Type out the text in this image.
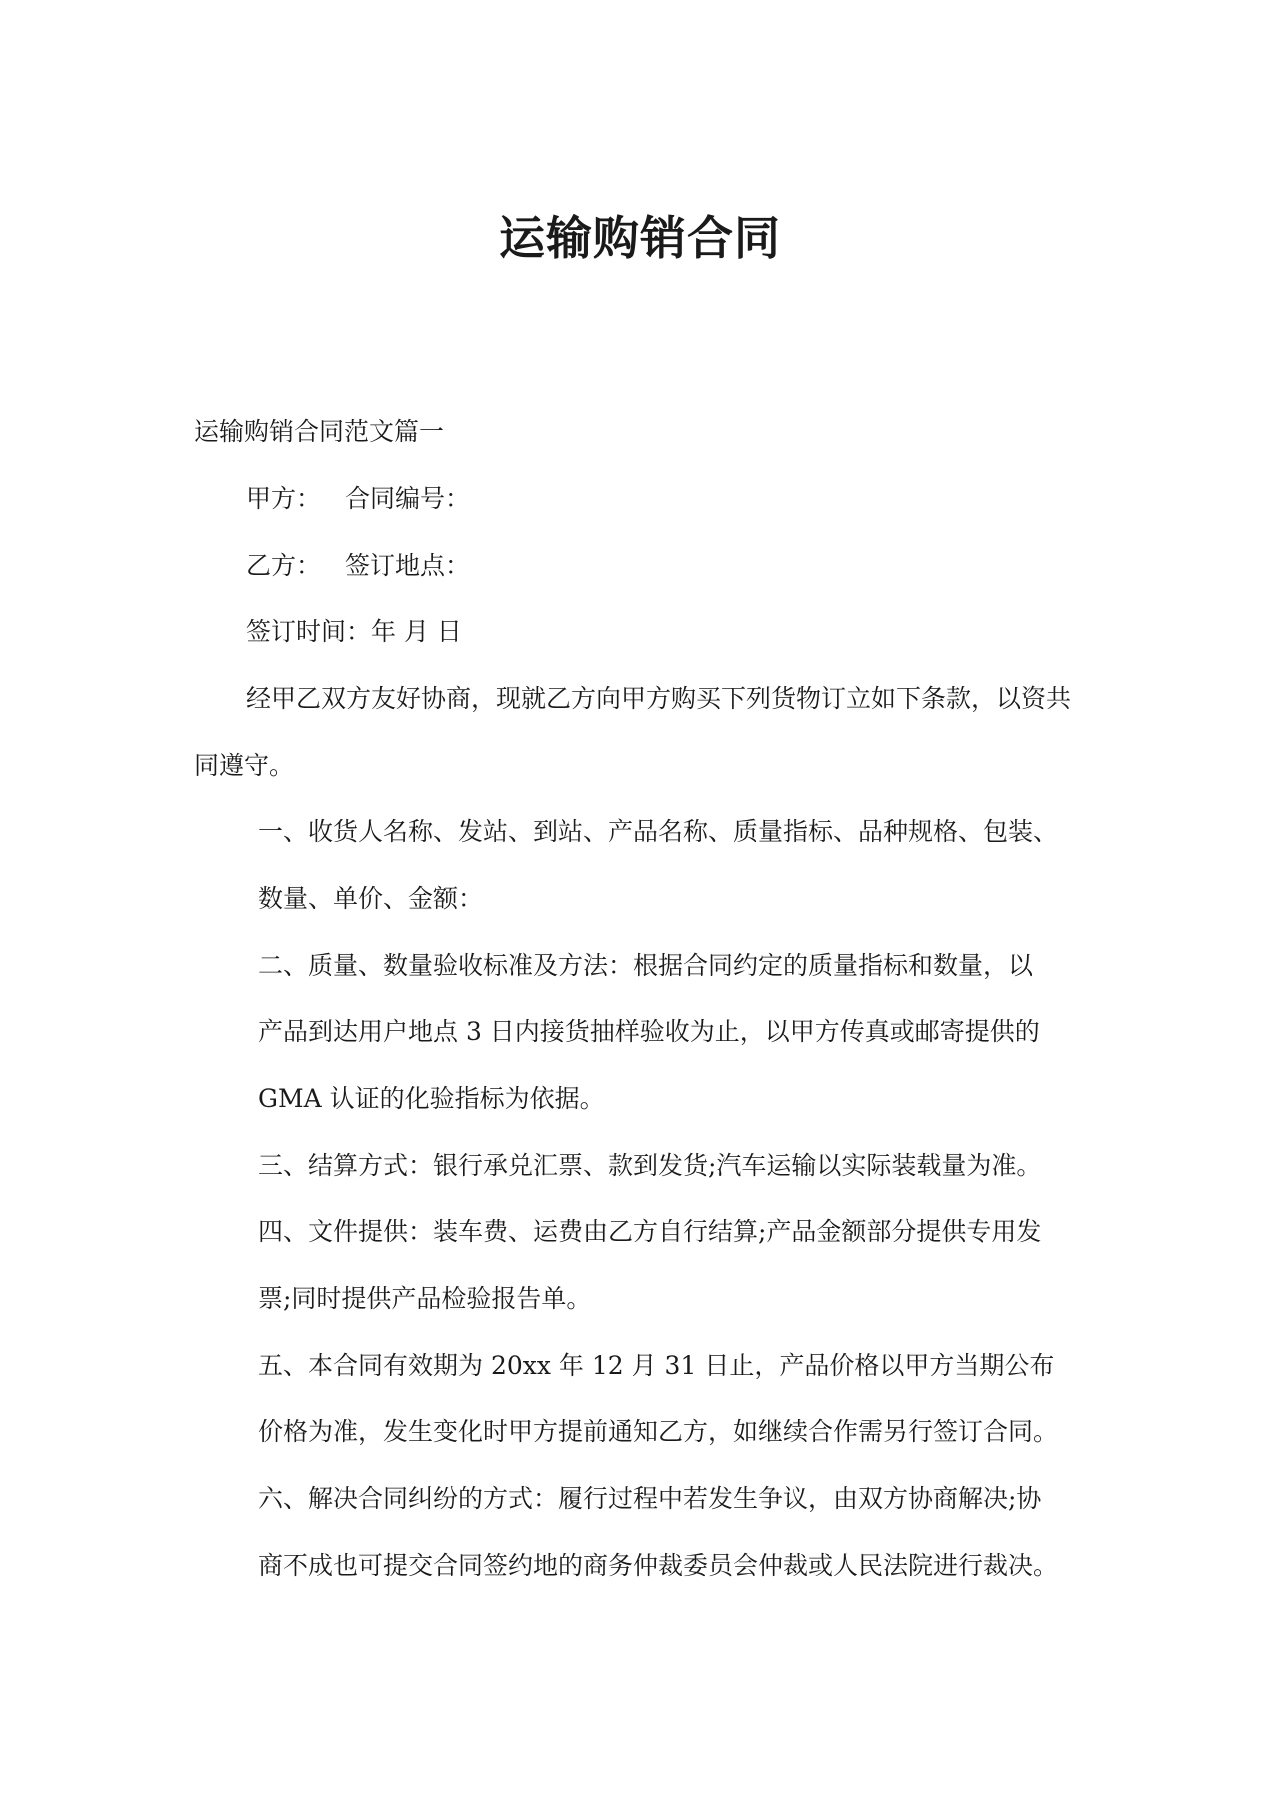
运输购销合同
运输购销合同范文篇一
甲方： 合同编号：
乙方： 签订地点：
签订时间：年 月 日
经甲乙双方友好协商，现就乙方向甲方购买下列货物订立如下条款，以资共
同遵守。
一、收货人名称、发站、到站、产品名称、质量指标、品种规格、包装、
数量、单价、金额：
二、质量、数量验收标准及方法：根据合同约定的质量指标和数量，以
产品到达用户地点 3 日内接货抽样验收为止，以甲方传真或邮寄提供的
GMA 认证的化验指标为依据。
三、结算方式：银行承兑汇票、款到发货;汽车运输以实际装载量为准。
四、文件提供：装车费、运费由乙方自行结算;产品金额部分提供专用发
票;同时提供产品检验报告单。
五、本合同有效期为 20xx 年 12 月 31 日止，产品价格以甲方当期公布
价格为准，发生变化时甲方提前通知乙方，如继续合作需另行签订合同。
六、解决合同纠纷的方式：履行过程中若发生争议，由双方协商解决;协
商不成也可提交合同签约地的商务仲裁委员会仲裁或人民法院进行裁决。
